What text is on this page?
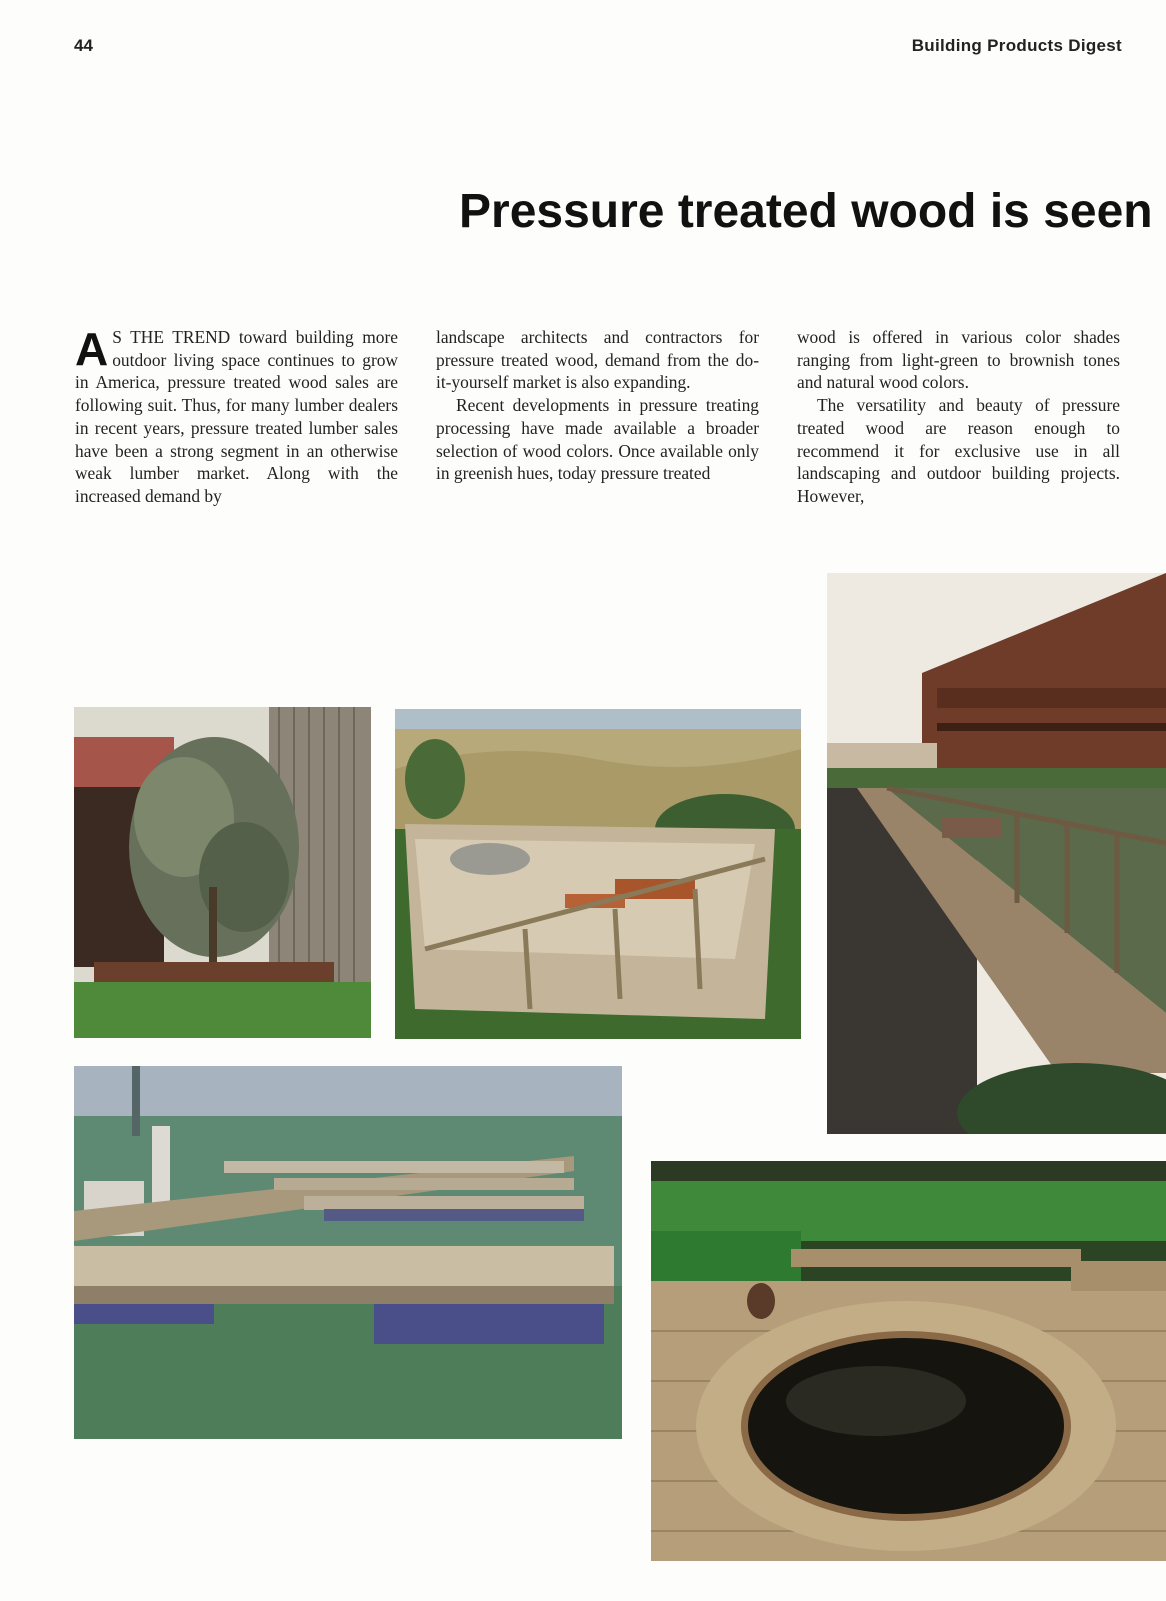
44	Building Products Digest
Pressure treated wood is seen
A S THE TREND toward building more outdoor living space continues to grow in America, pressure treated wood sales are following suit. Thus, for many lumber dealers in recent years, pressure treated lumber sales have been a strong segment in an otherwise weak lumber market. Along with the increased demand by

landscape architects and contractors for pressure treated wood, demand from the do-it-yourself market is also expanding.

Recent developments in pressure treating processing have made available a broader selection of wood colors. Once available only in greenish hues, today pressure treated

wood is offered in various color shades ranging from light-green to brownish tones and natural wood colors.

The versatility and beauty of pressure treated wood are reason enough to recommend it for exclusive use in all landscaping and outdoor building projects. However,
